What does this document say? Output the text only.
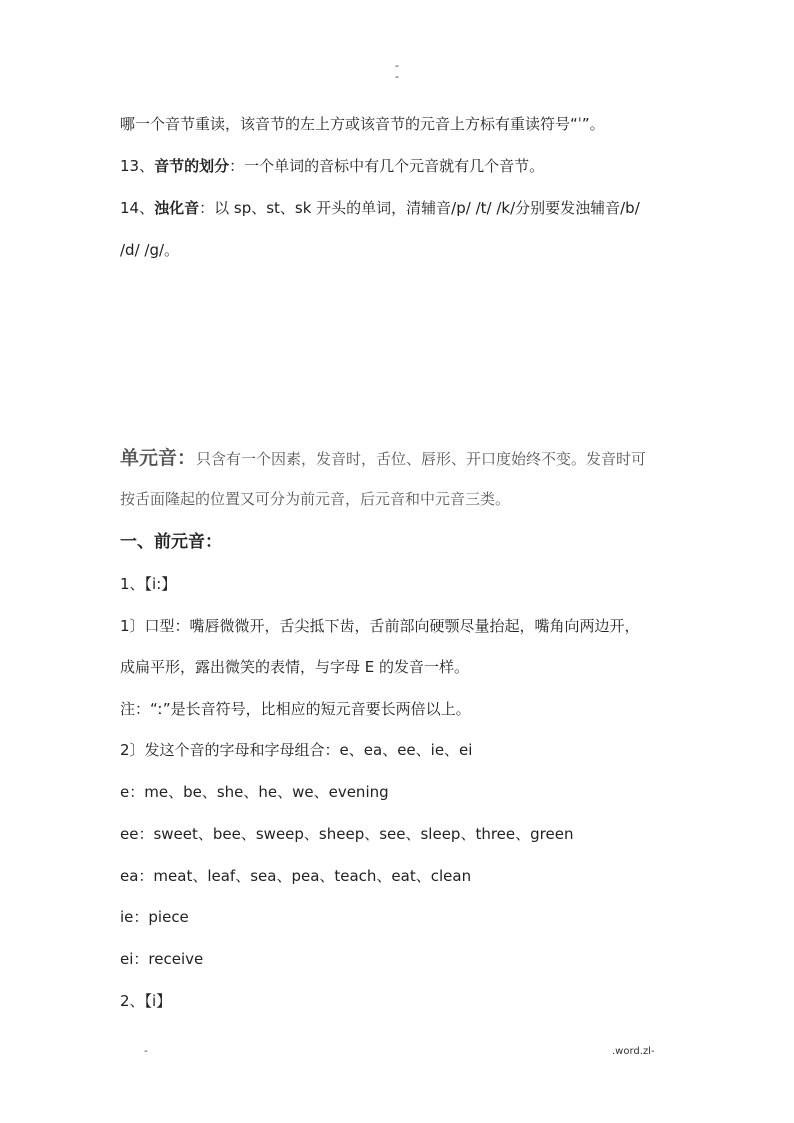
-
-

哪一个音节重读，该音节的左上方或该音节的元音上方标有重读符号“ˈ”。

13、音节的划分：一个单词的音标中有几个元音就有几个音节。

14、浊化音：以 sp、st、sk 开头的单词，清辅音/p/ /t/ /k/分别要发浊辅音/b/

/d/ /g/。

单元音：只含有一个因素，发音时，舌位、唇形、开口度始终不变。发音时可

按舌面隆起的位置又可分为前元音，后元音和中元音三类。

一、前元音：

1、【i:】

1〕口型：嘴唇微微开，舌尖抵下齿，舌前部向硬颚尽量抬起，嘴角向两边开，

成扁平形，露出微笑的表情，与字母 E 的发音一样。

注：“ː”是长音符号，比相应的短元音要长两倍以上。

2〕发这个音的字母和字母组合：e、ea、ee、ie、ei

e：me、be、she、he、we、evening

ee：sweet、bee、sweep、sheep、see、sleep、three、green

ea：meat、leaf、sea、pea、teach、eat、clean

ie：piece

ei：receive

2、【i】

-	.word.zl-
